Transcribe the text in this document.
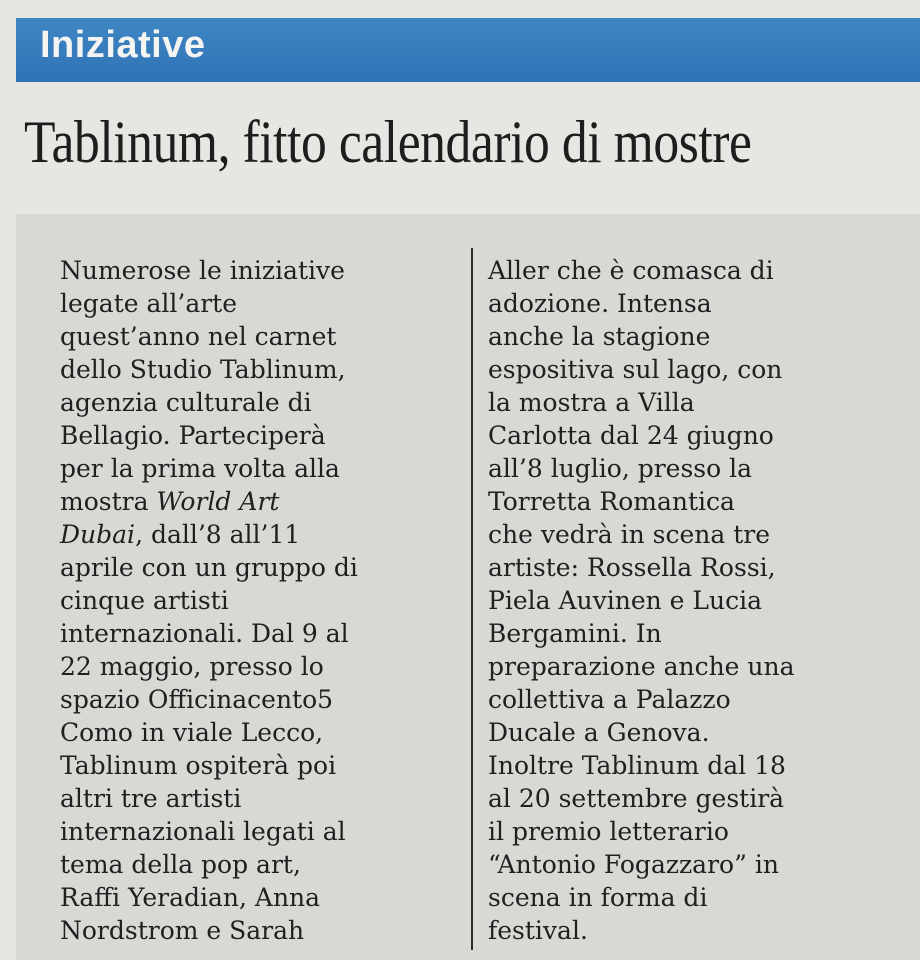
Iniziative
Tablinum, fitto calendario di mostre
Numerose le iniziative
legate all’arte
quest’anno nel carnet
dello Studio Tablinum,
agenzia culturale di
Bellagio. Parteciperà
per la prima volta alla
mostra World Art
Dubai, dall’8 all’11
aprile con un gruppo di
cinque artisti
internazionali. Dal 9 al
22 maggio, presso lo
spazio Officinacento5
Como in viale Lecco,
Tablinum ospiterà poi
altri tre artisti
internazionali legati al
tema della pop art,
Raffi Yeradian, Anna
Nordstrom e Sarah
Aller che è comasca di
adozione. Intensa
anche la stagione
espositiva sul lago, con
la mostra a Villa
Carlotta dal 24 giugno
all’8 luglio, presso la
Torretta Romantica
che vedrà in scena tre
artiste: Rossella Rossi,
Piela Auvinen e Lucia
Bergamini. In
preparazione anche una
collettiva a Palazzo
Ducale a Genova.
Inoltre Tablinum dal 18
al 20 settembre gestirà
il premio letterario
“Antonio Fogazzaro” in
scena in forma di
festival.
